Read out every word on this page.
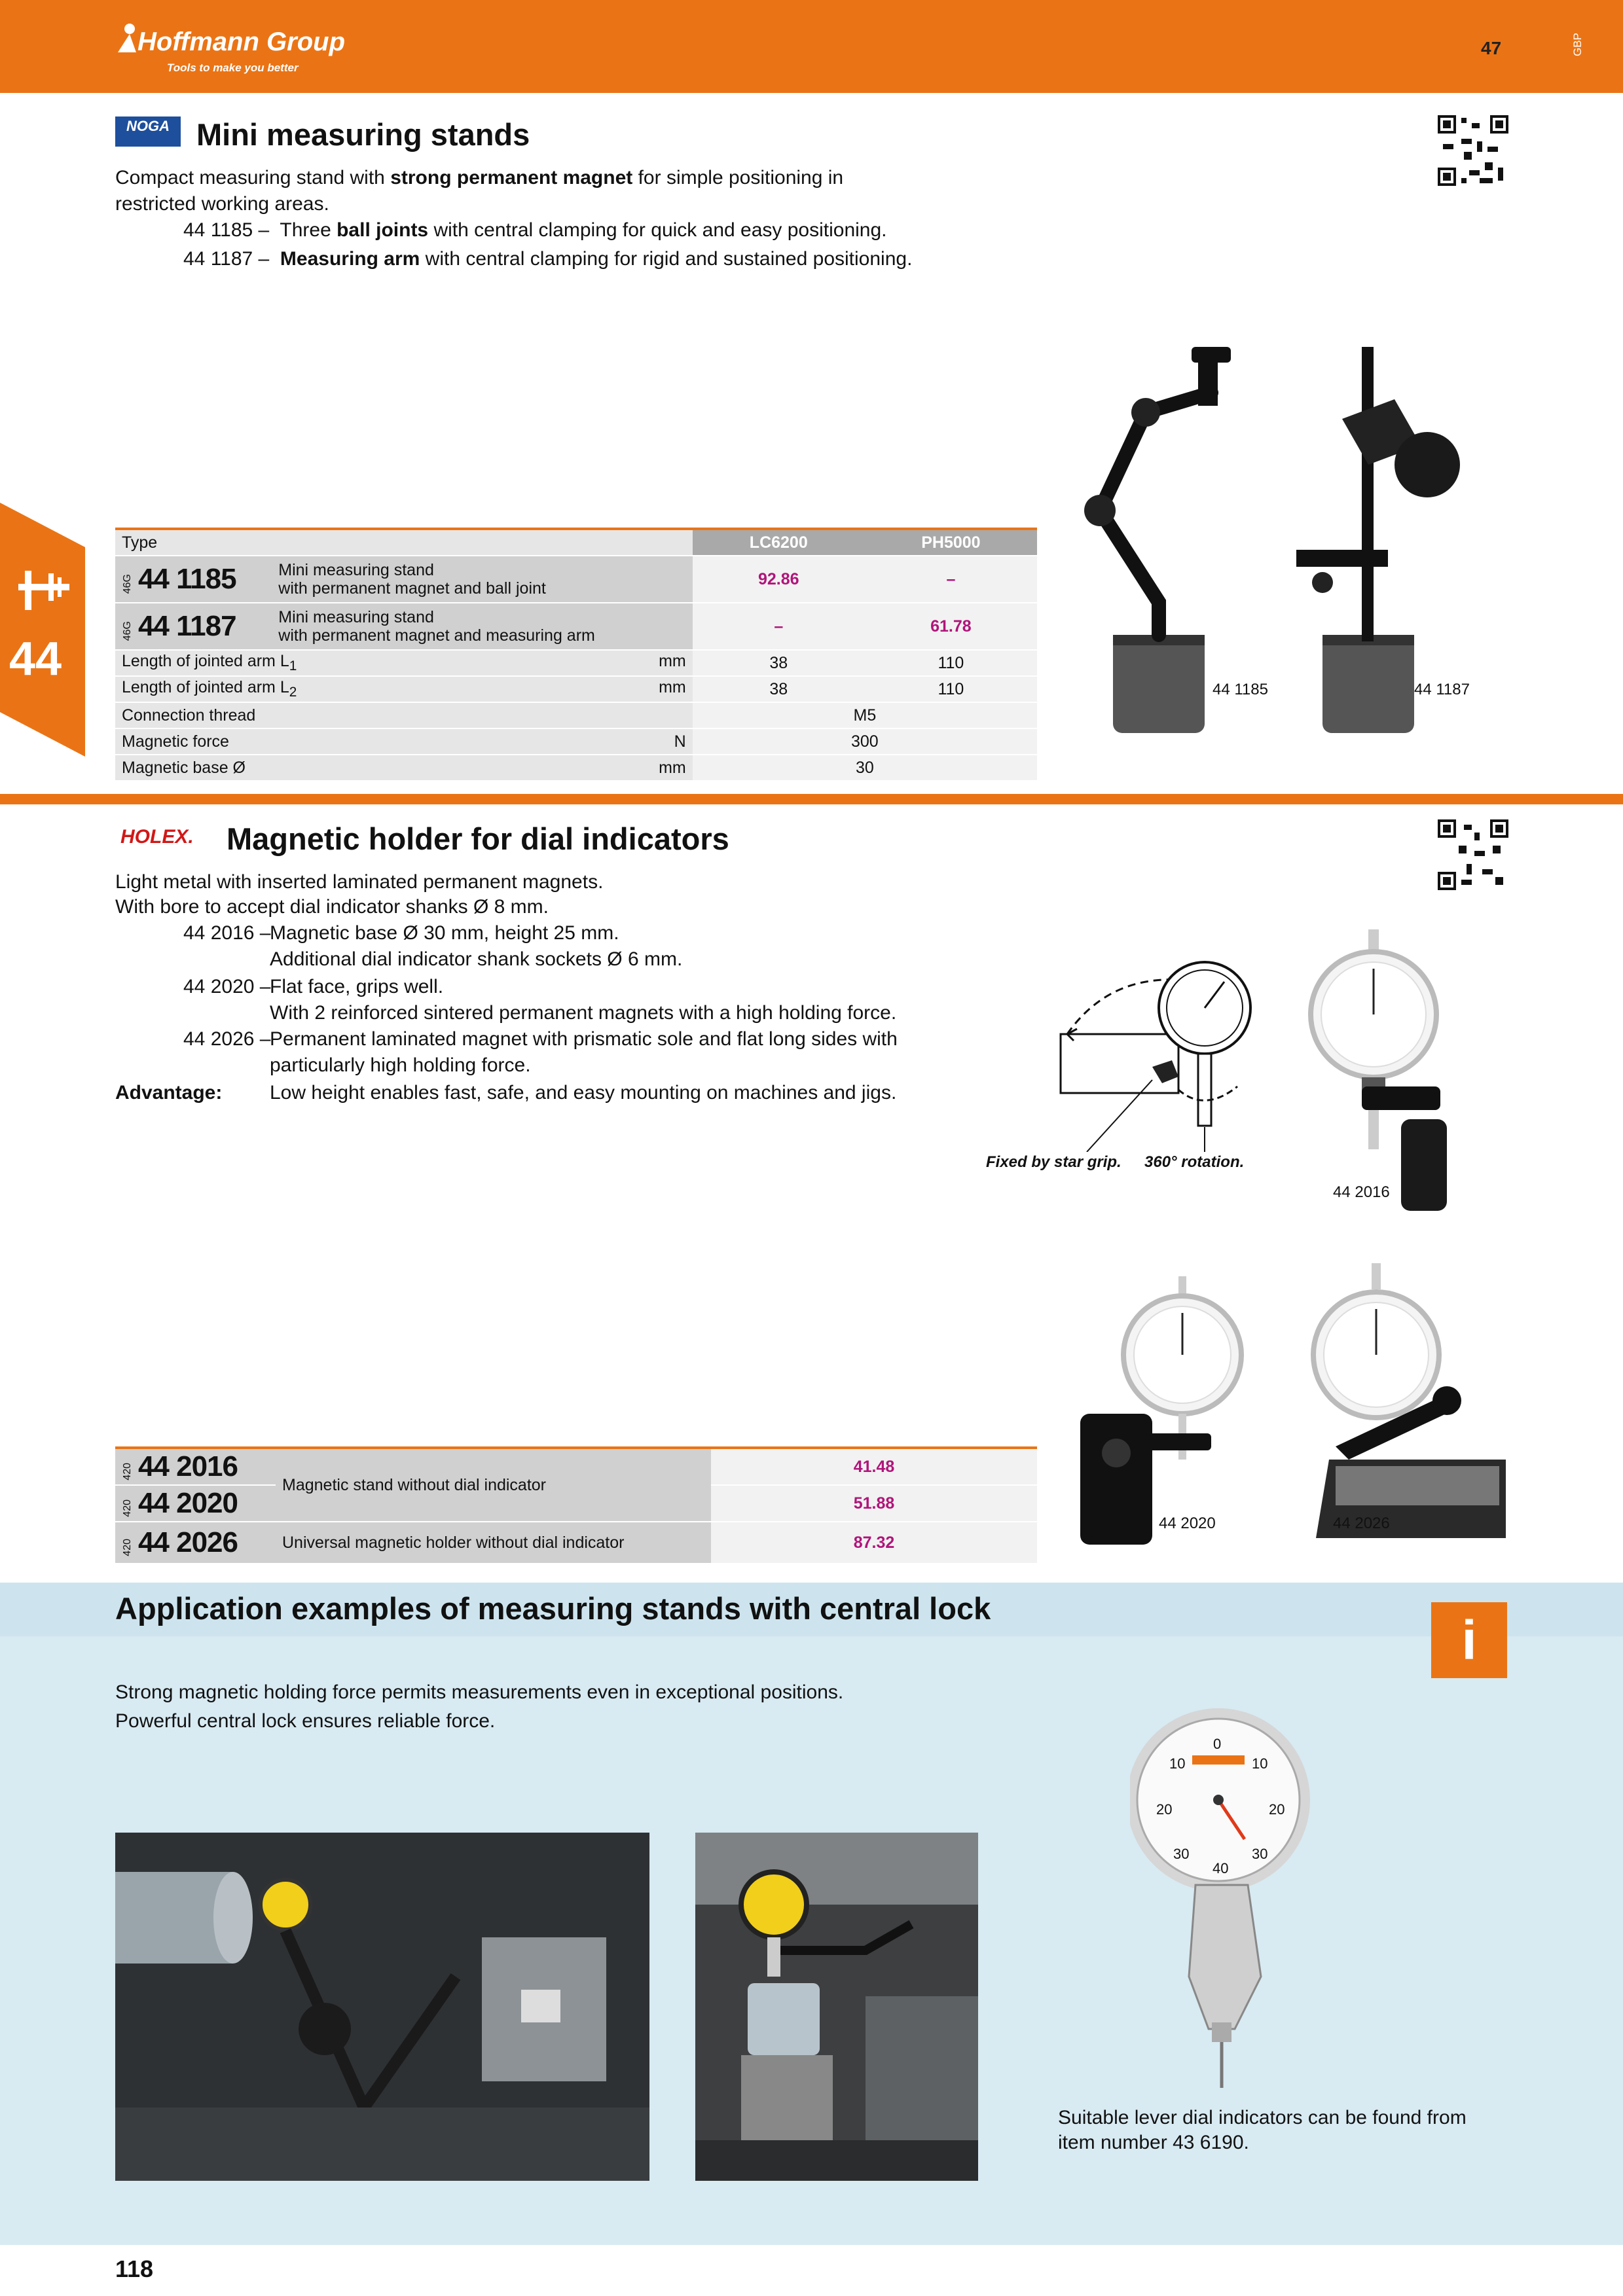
Hoffmann Group
Tools to make you better
47	GBP
44
NOGA Mini measuring stands
Compact measuring stand with strong permanent magnet for simple positioning in restricted working areas.
44 1185 – Three ball joints with central clamping for quick and easy positioning.
44 1187 – Measuring arm with central clamping for rigid and sustained positioning.
Type		LC6200	PH5000
46G 44 1185	Mini measuring stand
with permanent magnet and ball joint	92.86	–
46G 44 1187	Mini measuring stand
with permanent magnet and measuring arm	–	61.78
Length of jointed arm $L_1$ mm		38	110
Length of jointed arm $L_2$ mm		38	110
Connection thread		M5	
Magnetic force N		300	
Magnetic base Ø mm		30	
44 1185	44 1187
HOLEX. Magnetic holder for dial indicators
Light metal with inserted laminated permanent magnets.
With bore to accept dial indicator shanks Ø 8 mm.
44 2016 –
Magnetic base Ø 30 mm, height 25 mm.
Additional dial indicator shank sockets Ø 6 mm.
44 2020 –
Flat face, grips well.
With 2 reinforced sintered permanent magnets with a high holding force.
44 2026 –
Permanent laminated magnet with prismatic sole and flat long sides with
particularly high holding force.
Advantage: Low height enables fast, safe, and easy mounting on machines and jigs.
Fixed by star grip. 360° rotation.
44 2016
44 2020	44 2026
420 44 2016	Magnetic stand without dial indicator	41.48
420 44 2020		51.88
420 44 2026	Universal magnetic holder without dial indicator	87.32
Application examples of measuring stands with central lock
i
Strong magnetic holding force permits measurements even in exceptional positions.
Powerful central lock ensures reliable force.
0
10	10
20	20
30	30
40
Suitable lever dial indicators can be found from
item number 43 6190.
118
